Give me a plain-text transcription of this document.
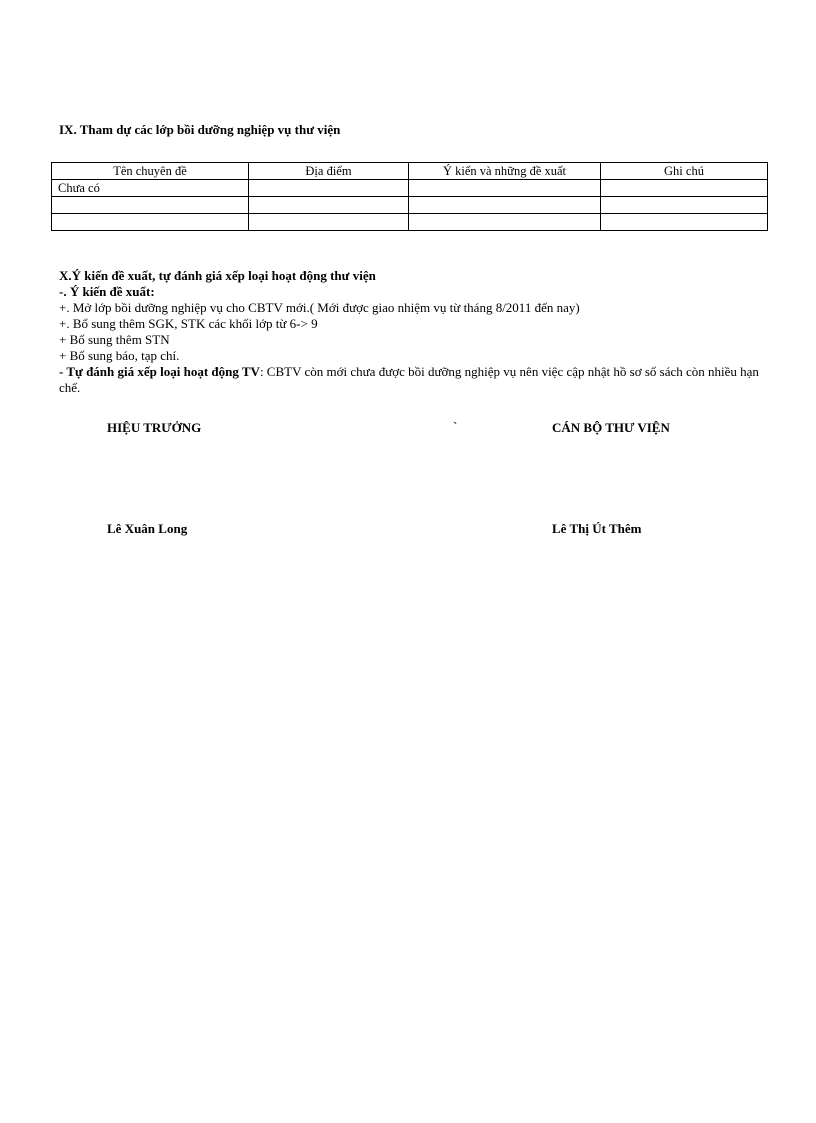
IX. Tham dự các lớp bồi dưỡng nghiệp vụ thư viện
Tên chuyên đề	Địa điểm	Ý kiến và những đề xuất	Ghi chú
Chưa có			

X.Ý kiến đề xuất, tự đánh giá xếp loại hoạt động thư viện
-. Ý kiến đề xuất:
+. Mở lớp bồi dưỡng nghiệp vụ cho CBTV mới.( Mới được giao nhiệm vụ từ tháng 8/2011 đến nay)
+. Bổ sung thêm SGK, STK các khối lớp từ 6-> 9
+ Bổ sung thêm STN
+ Bổ sung báo, tạp chí.
- Tự đánh giá xếp loại hoạt động TV: CBTV còn mới chưa được bồi dưỡng nghiệp vụ nên việc cập nhật hồ sơ sổ sách còn nhiều hạn chế.
HIỆU TRƯỞNG	`	CÁN BỘ THƯ VIỆN
Lê Xuân Long	Lê Thị Út Thêm
